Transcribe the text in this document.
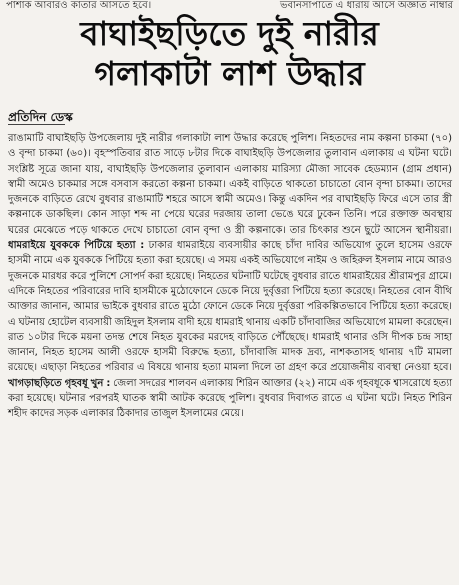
পাশাক আবারও কাতার আসতে হবে।	ভবানসাপাতে এ ধারায় আসে অজ্ঞাত নাম্বার
বাঘাইছড়িতে দুই নারীর
গলাকাটা লাশ উদ্ধার
প্রতিদিন ডেস্ক

রাঙামাটি বাঘাইছড়ি উপজেলায় দুই নারীর গলাকাটা লাশ উদ্ধার করেছে পুলিশ। নিহতদের নাম কল্পনা চাকমা (৭০) ও বৃন্দা চাকমা (৬০)। বৃহস্পতিবার রাত সাড়ে ৮টার দিকে বাঘাইছড়ি উপজেলার তুলাবান এলাকায় এ ঘটনা ঘটে। সংশ্লিষ্ট সূত্রে জানা যায়, বাঘাইছড়ি উপজেলার তুলাবান এলাকায় মারিস্যা মৌজা সাবেক হেডম্যান (গ্রাম প্রধান) স্বামী অমেও চাকমার সঙ্গে বসবাস করতো কল্পনা চাকমা। একই বাড়িতে থাকতো চাচাতো বোন বৃন্দা চাকমা। তাদের দুজনকে বাড়িতে রেখে বুধবার রাঙামাটি শহরে আসে স্বামী অমেও। কিন্তু একদিন পর বাঘাইছড়ি ফিরে এসে তার স্ত্রী কল্পনাকে ডাকছিল। কোন সাড়া শব্দ না পেয়ে ঘরের দরজায় তালা ভেঙে ঘরে ঢুকেন তিনি। পরে রক্তাক্ত অবস্থায় ঘরের মেঝেতে পড়ে থাকতে দেখে চাচাতো বোন বৃন্দা ও স্ত্রী কল্পনাকে। তার চিৎকার শুনে ছুটে আসেন স্থানীয়রা। ধামরাইয়ে যুবককে পিটিয়ে হত্যা : ঢাকার ধামরাইয়ে ব্যবসায়ীর কাছে চাঁদা দাবির অভিযোগ তুলে হাসেম ওরফে হাসমী নামে এক যুবককে পিটিয়ে হত্যা করা হয়েছে। এ সময় একই অভিযোগে নাইম ও জহিরুল ইসলাম নামে আরও দুজনকে মারধর করে পুলিশে সোপর্দ করা হয়েছে। নিহতের ঘটনাটি ঘটেছে বুধবার রাতে ধামরাইয়ের শ্রীরামপুর গ্রামে। এদিকে নিহতের পরিবারের দাবি হাসমীকে মুঠোফোনে ডেকে নিয়ে দুর্বৃত্তরা পিটিয়ে হত্যা করেছে। নিহতের বোন বীথি আক্তার জানান, আমার ভাইকে বুধবার রাতে মুঠো ফোনে ডেকে নিয়ে দুর্বৃত্তরা পরিকল্পিতভাবে পিটিয়ে হত্যা করেছে। এ ঘটনায় হোটেল ব্যবসায়ী জহিদুল ইসলাম বাদী হয়ে ধামরাই থানায় একটি চাঁদাবাজির অভিযোগে মামলা করেছেন। রাত ১০টার দিকে ময়না তদন্ত শেষে নিহত যুবকের মরদেহ বাড়িতে পৌঁছেছে। ধামরাই থানার ওসি দীপক চন্দ্র সাহা জানান, নিহত হাসেম আলী ওরফে হাসমী বিরুদ্ধে হত্যা, চাঁদাবাজি মাদক দ্রব্য, নাশকতাসহ থানায় ৭টি মামলা রয়েছে। এছাড়া নিহতের পরিবার এ বিষয়ে থানায় হত্যা মামলা দিলে তা গ্রহণ করে প্রয়োজনীয় ব্যবস্থা নেওয়া হবে। খাগড়াছড়িতে গৃহবধূ খুন : জেলা সদরের শালবন এলাকায় শিরিন আক্তার (২২) নামে এক গৃহবধূকে শ্বাসরোধে হত্যা করা হয়েছে। ঘটনার পরপরই ঘাতক স্বামী আটক করেছে পুলিশ। বুধবার দিবাগত রাতে এ ঘটনা ঘটে। নিহত শিরিন শহীদ কাদের সড়ক এলাকার ঠিকাদার তাজুল ইসলামের মেয়ে।
